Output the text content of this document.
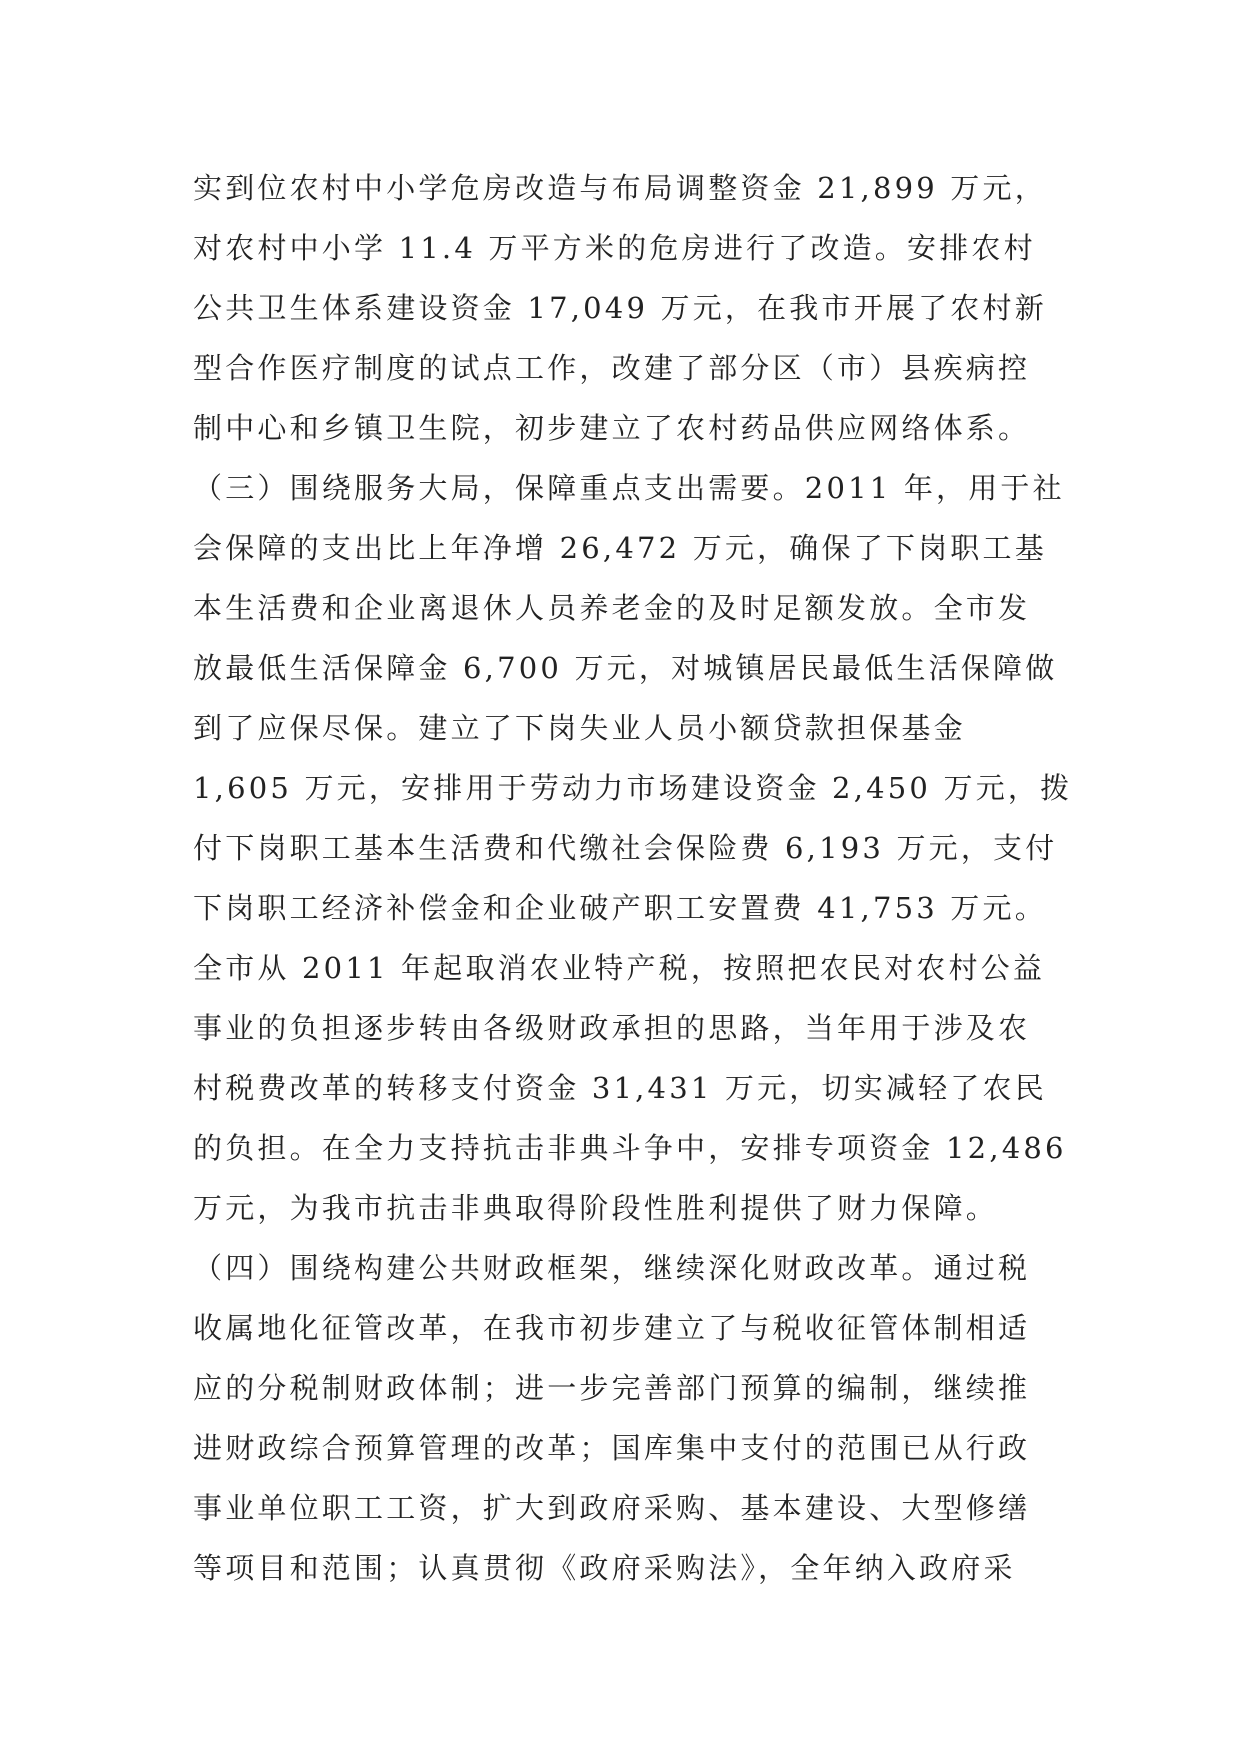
实到位农村中小学危房改造与布局调整资金 21,899 万元，
对农村中小学 11.4 万平方米的危房进行了改造。安排农村
公共卫生体系建设资金 17,049 万元，在我市开展了农村新
型合作医疗制度的试点工作，改建了部分区（市）县疾病控
制中心和乡镇卫生院，初步建立了农村药品供应网络体系。
（三）围绕服务大局，保障重点支出需要。2011 年，用于社
会保障的支出比上年净增 26,472 万元，确保了下岗职工基
本生活费和企业离退休人员养老金的及时足额发放。全市发
放最低生活保障金 6,700 万元，对城镇居民最低生活保障做
到了应保尽保。建立了下岗失业人员小额贷款担保基金
1,605 万元，安排用于劳动力市场建设资金 2,450 万元，拨
付下岗职工基本生活费和代缴社会保险费 6,193 万元，支付
下岗职工经济补偿金和企业破产职工安置费 41,753 万元。
全市从 2011 年起取消农业特产税，按照把农民对农村公益
事业的负担逐步转由各级财政承担的思路，当年用于涉及农
村税费改革的转移支付资金 31,431 万元，切实减轻了农民
的负担。在全力支持抗击非典斗争中，安排专项资金 12,486
万元，为我市抗击非典取得阶段性胜利提供了财力保障。
（四）围绕构建公共财政框架，继续深化财政改革。通过税
收属地化征管改革，在我市初步建立了与税收征管体制相适
应的分税制财政体制；进一步完善部门预算的编制，继续推
进财政综合预算管理的改革；国库集中支付的范围已从行政
事业单位职工工资，扩大到政府采购、基本建设、大型修缮
等项目和范围；认真贯彻《政府采购法》，全年纳入政府采
